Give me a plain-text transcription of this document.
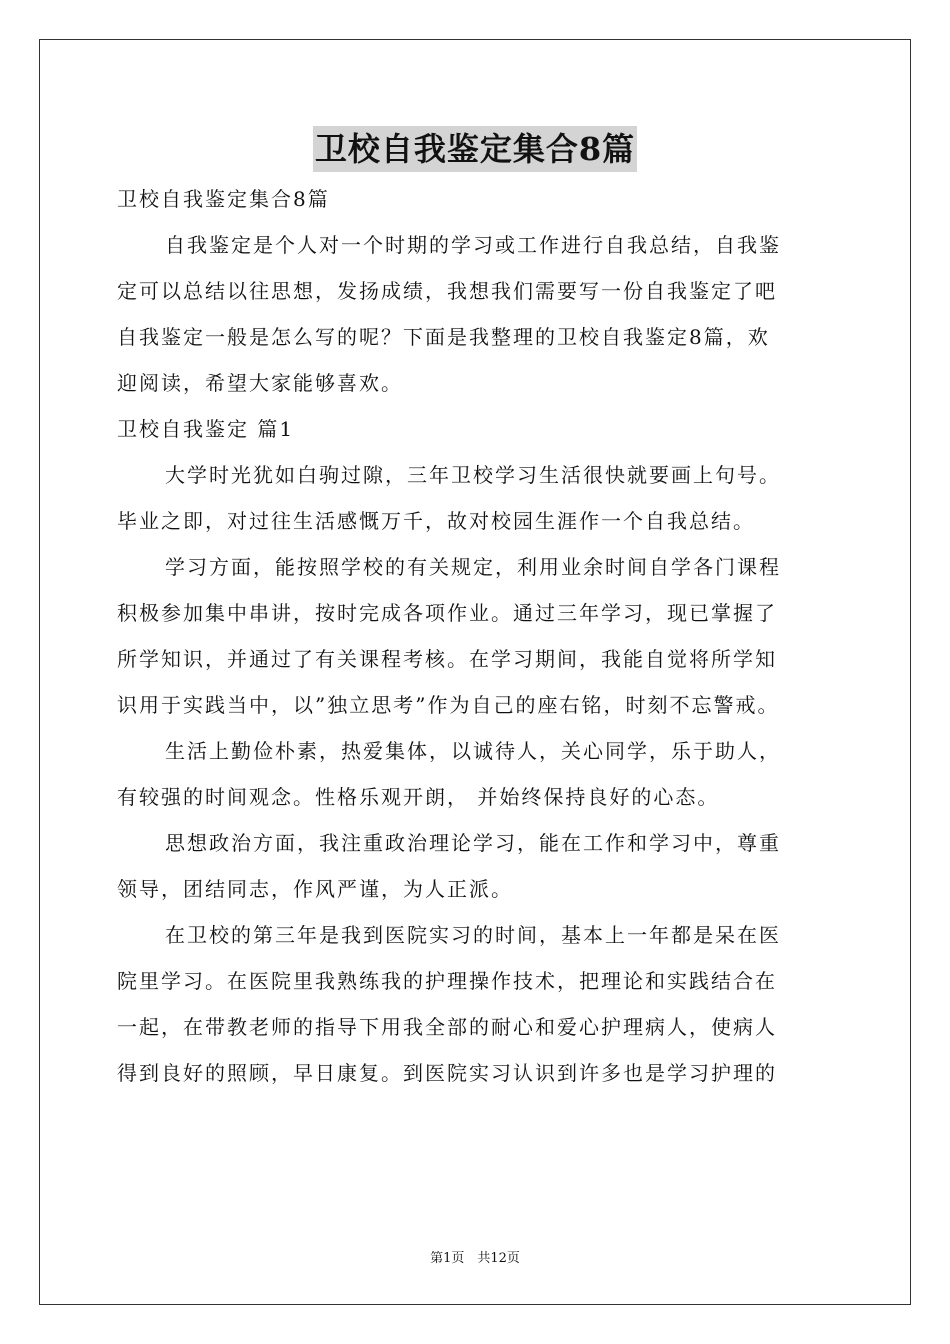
卫校自我鉴定集合8篇
卫校自我鉴定集合8篇
自我鉴定是个人对一个时期的学习或工作进行自我总结，自我鉴
定可以总结以往思想，发扬成绩，我想我们需要写一份自我鉴定了吧
自我鉴定一般是怎么写的呢？下面是我整理的卫校自我鉴定8篇，欢
迎阅读，希望大家能够喜欢。
卫校自我鉴定 篇1
大学时光犹如白驹过隙，三年卫校学习生活很快就要画上句号。
毕业之即，对过往生活感慨万千，故对校园生涯作一个自我总结。
学习方面，能按照学校的有关规定，利用业余时间自学各门课程
积极参加集中串讲，按时完成各项作业。通过三年学习，现已掌握了
所学知识，并通过了有关课程考核。在学习期间，我能自觉将所学知
识用于实践当中，以”独立思考”作为自己的座右铭，时刻不忘警戒。
生活上勤俭朴素，热爱集体，以诚待人，关心同学，乐于助人，
有较强的时间观念。性格乐观开朗， 并始终保持良好的心态。
思想政治方面，我注重政治理论学习，能在工作和学习中，尊重
领导，团结同志，作风严谨，为人正派。
在卫校的第三年是我到医院实习的时间，基本上一年都是呆在医
院里学习。在医院里我熟练我的护理操作技术，把理论和实践结合在
一起，在带教老师的指导下用我全部的耐心和爱心护理病人，使病人
得到良好的照顾，早日康复。到医院实习认识到许多也是学习护理的
第1页　共12页
